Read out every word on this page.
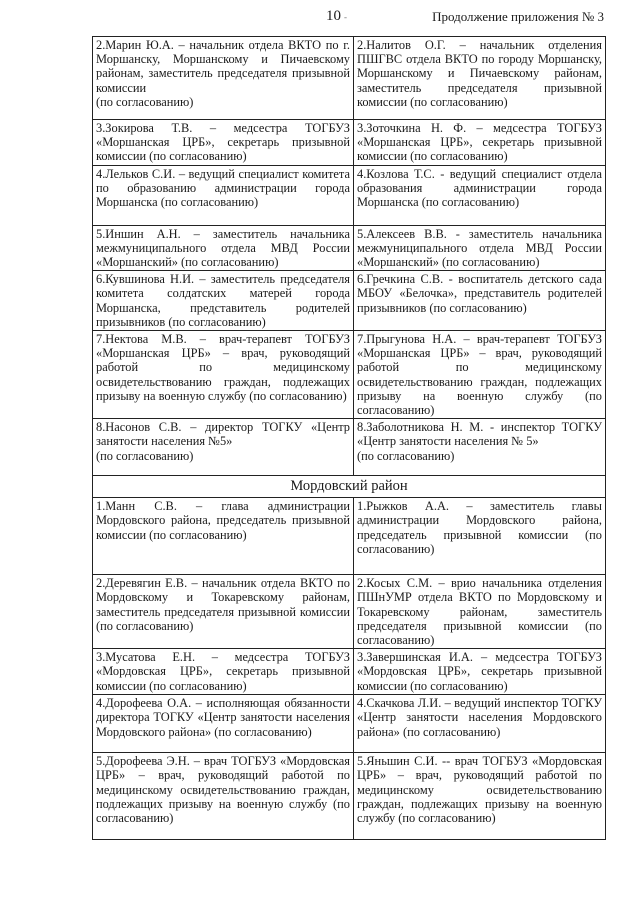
10 -	Продолжение приложения № 3
2.Марин Ю.А. – начальник отдела ВКТО по г. Моршанску, Моршанскому и Пичаевскому районам, заместитель председателя призывной комиссии
(по согласованию)	2.Налитов О.Г. – начальник отделения ПШГВС отдела ВКТО по городу Моршанску, Моршанскому и Пичаевскому районам, заместитель председателя призывной комиссии (по согласованию)

3.Зокирова Т.В. – медсестра ТОГБУЗ «Моршанская ЦРБ», секретарь призывной комиссии (по согласованию)	3.Зоточкина Н. Ф. – медсестра ТОГБУЗ «Моршанская ЦРБ», секретарь призывной комиссии (по согласованию)

4.Лельков С.И. – ведущий специалист комитета по образованию администрации города Моршанска (по согласованию)	4.Козлова Т.С. - ведущий специалист отдела образования администрации города Моршанска (по согласованию)

5.Иншин А.Н. – заместитель начальника межмуниципального отдела МВД России «Моршанский» (по согласованию)	5.Алексеев В.В. - заместитель начальника межмуниципального отдела МВД России «Моршанский» (по согласованию)

6.Кувшинова Н.И. – заместитель председателя комитета солдатских матерей города Моршанска, представитель родителей призывников (по согласованию)	6.Гречкина С.В. - воспитатель детского сада МБОУ «Белочка», представитель родителей призывников (по согласованию)

7.Нектова М.В. – врач-терапевт ТОГБУЗ «Моршанская ЦРБ» – врач, руководящий работой по медицинскому освидетельствованию граждан, подлежащих призыву на военную службу (по согласованию)	7.Прыгунова Н.А. – врач-терапевт ТОГБУЗ «Моршанская ЦРБ» – врач, руководящий работой по медицинскому освидетельствованию граждан, подлежащих призыву на военную службу (по согласованию)

8.Насонов С.В. – директор ТОГКУ «Центр занятости населения №5»
(по согласованию)	8.Заболотникова Н. М. - инспектор ТОГКУ «Центр занятости населения № 5»
(по согласованию)

Мордовский район	

1.Манн С.В. – глава администрации Мордовского района, председатель призывной комиссии (по согласованию)	1.Рыжков А.А. – заместитель главы администрации Мордовского района, председатель призывной комиссии (по согласованию)

2.Деревягин Е.В. – начальник отдела ВКТО по Мордовскому и Токаревскому районам, заместитель председателя призывной комиссии (по согласованию)	2.Косых С.М. – врио начальника отделения ПШнУМР отдела ВКТО по Мордовскому и Токаревскому районам, заместитель председателя призывной комиссии (по согласованию)

3.Мусатова Е.Н. – медсестра ТОГБУЗ «Мордовская ЦРБ», секретарь призывной комиссии (по согласованию)	3.Завершинская И.А. – медсестра ТОГБУЗ «Мордовская ЦРБ», секретарь призывной комиссии (по согласованию)

4.Дорофеева О.А. – исполняющая обязанности директора ТОГКУ «Центр занятости населения Мордовского района» (по согласованию)	4.Скачкова Л.И. – ведущий инспектор ТОГКУ «Центр занятости населения Мордовского района» (по согласованию)

5.Дорофеева Э.Н. – врач ТОГБУЗ «Мордовская ЦРБ» – врач, руководящий работой по медицинскому освидетельствованию граждан, подлежащих призыву на военную службу (по согласованию)	5.Яньшин С.И. -- врач ТОГБУЗ «Мордовская ЦРБ» – врач, руководящий работой по медицинскому освидетельствованию граждан, подлежащих призыву на военную службу (по согласованию)
